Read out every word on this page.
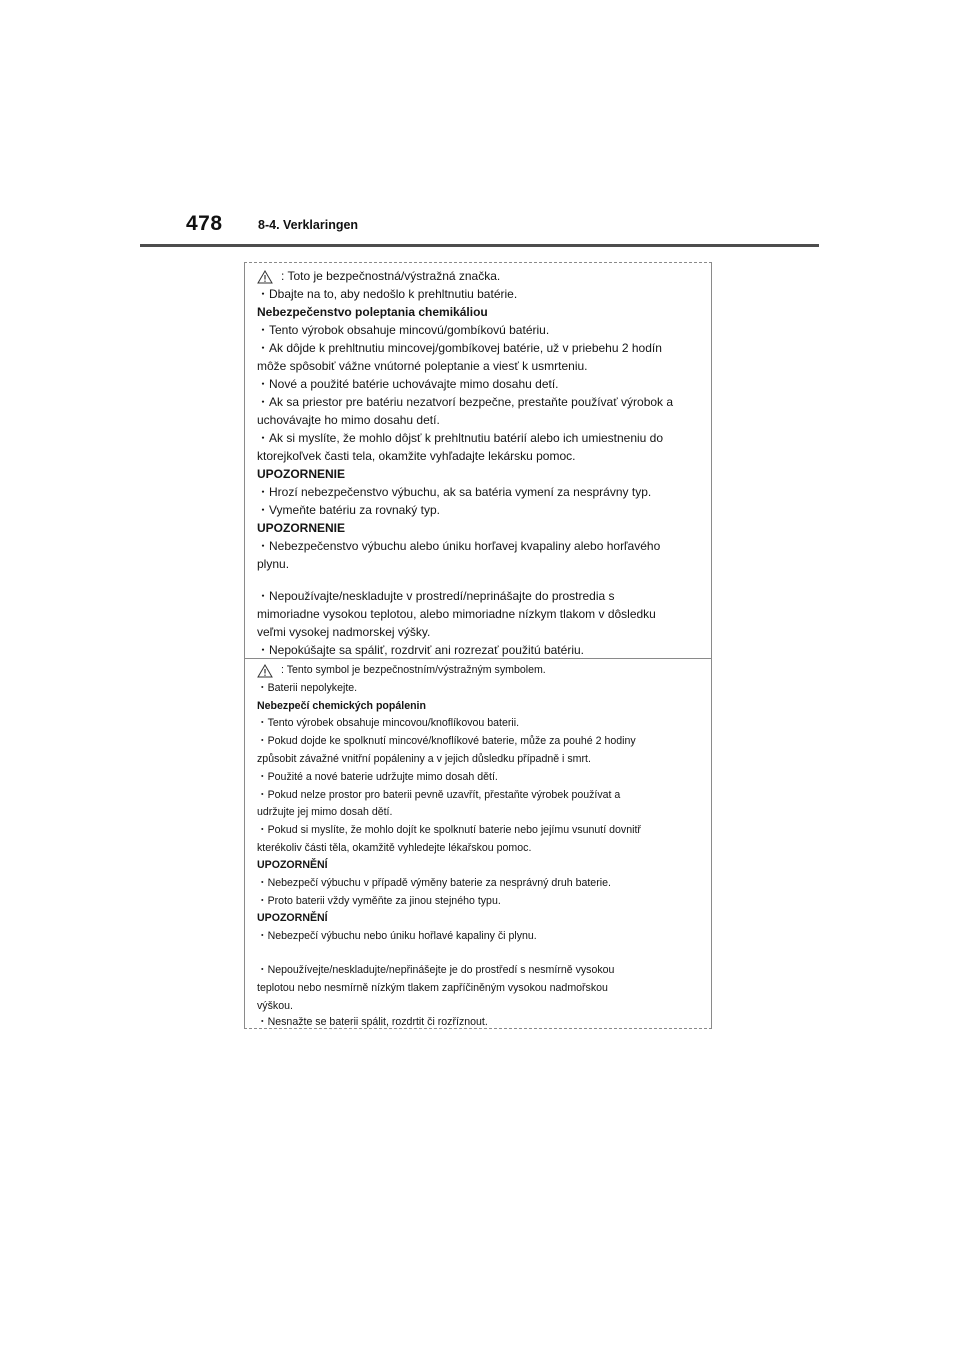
478	8-4. Verklaringen
: Toto je bezpečnostná/výstražná značka.
・Dbajte na to, aby nedošlo k prehltnutiu batérie.
Nebezpečenstvo poleptania chemikáliou
・Tento výrobok obsahuje mincovú/gombíkovú batériu.
・Ak dôjde k prehltnutiu mincovej/gombíkovej batérie, už v priebehu 2 hodín
môže spôsobiť vážne vnútorné poleptanie a viesť k usmrteniu.
・Nové a použité batérie uchovávajte mimo dosahu detí.
・Ak sa priestor pre batériu nezatvorí bezpečne, prestaňte používať výrobok a
uchovávajte ho mimo dosahu detí.
・Ak si myslíte, že mohlo dôjsť k prehltnutiu batérií alebo ich umiestneniu do
ktorejkoľvek časti tela, okamžite vyhľadajte lekársku pomoc.
UPOZORNENIE
・Hrozí nebezpečenstvo výbuchu, ak sa batéria vymení za nesprávny typ.
・Vymeňte batériu za rovnaký typ.
UPOZORNENIE
・Nebezpečenstvo výbuchu alebo úniku horľavej kvapaliny alebo horľavého
plynu.
・Nepoužívajte/neskladujte v prostredí/neprinášajte do prostredia s
mimoriadne vysokou teplotou, alebo mimoriadne nízkym tlakom v dôsledku
veľmi vysokej nadmorskej výšky.
・Nepokúšajte sa spáliť, rozdrviť ani rozrezať použitú batériu.
: Tento symbol je bezpečnostním/výstražným symbolem.
・Baterii nepolykejte.
Nebezpečí chemických popálenin
・Tento výrobek obsahuje mincovou/knoflíkovou baterii.
・Pokud dojde ke spolknutí mincové/knoflíkové baterie, může za pouhé 2 hodiny
způsobit závažné vnitřní popáleniny a v jejich důsledku případně i smrt.
・Použité a nové baterie udržujte mimo dosah dětí.
・Pokud nelze prostor pro baterii pevně uzavřít, přestaňte výrobek používat a
udržujte jej mimo dosah dětí.
・Pokud si myslíte, že mohlo dojít ke spolknutí baterie nebo jejímu vsunutí dovnitř
kterékoliv části těla, okamžitě vyhledejte lékařskou pomoc.
UPOZORNĚNÍ
・Nebezpečí výbuchu v případě výměny baterie za nesprávný druh baterie.
・Proto baterii vždy vyměňte za jinou stejného typu.
UPOZORNĚNÍ
・Nebezpečí výbuchu nebo úniku hořlavé kapaliny či plynu.
・Nepoužívejte/neskladujte/nepřinášejte je do prostředí s nesmírně vysokou
teplotou nebo nesmírně nízkým tlakem zapříčiněným vysokou nadmořskou
výškou.
・Nesnažte se baterii spálit, rozdrtit či rozříznout.
